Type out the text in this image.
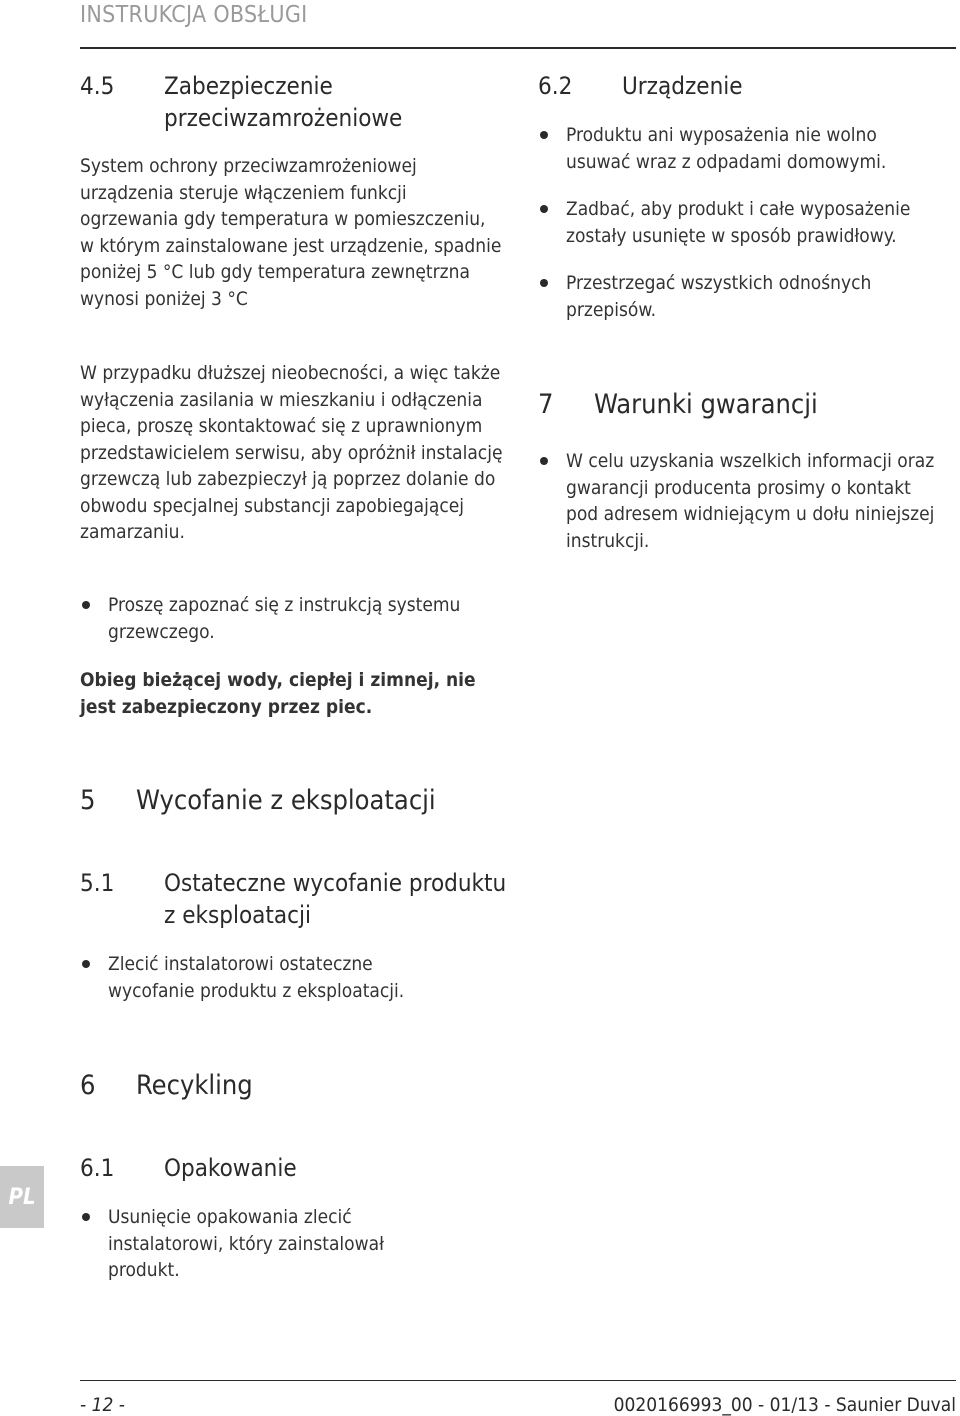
INSTRUKCJA OBSŁUGI
4.5 Zabezpieczenie przeciwzamrożeniowe
System ochrony przeciwzamrożeniowej urządzenia steruje włączeniem funkcji ogrzewania gdy temperatura w pomieszczeniu, w którym zainstalowane jest urządzenie, spadnie poniżej 5 °C lub gdy temperatura zewnętrzna wynosi poniżej 3 °C
W przypadku dłuższej nieobecności, a więc także wyłączenia zasilania w mieszkaniu i odłączenia pieca, proszę skontaktować się z uprawnionym przedstawicielem serwisu, aby opróżnił instalację grzewczą lub zabezpieczył ją poprzez dolanie do obwodu specjalnej substancji zapobiegającej zamarzaniu.
Proszę zapoznać się z instrukcją systemu grzewczego.
Obieg bieżącej wody, ciepłej i zimnej, nie jest zabezpieczony przez piec.
5 Wycofanie z eksploatacji
5.1 Ostateczne wycofanie produktu z eksploatacji
Zlecić instalatorowi ostateczne wycofanie produktu z eksploatacji.
6 Recykling
6.1 Opakowanie
Usunięcie opakowania zlecić instalatorowi, który zainstalował produkt.
6.2 Urządzenie
Produktu ani wyposażenia nie wolno usuwać wraz z odpadami domowymi.
Zadbać, aby produkt i całe wyposażenie zostały usunięte w sposób prawidłowy.
Przestrzegać wszystkich odnośnych przepisów.
7 Warunki gwarancji
W celu uzyskania wszelkich informacji oraz gwarancji producenta prosimy o kontakt pod adresem widniejącym u dołu niniejszej instrukcji.
PL
- 12 -	0020166993_00 - 01/13 - Saunier Duval
